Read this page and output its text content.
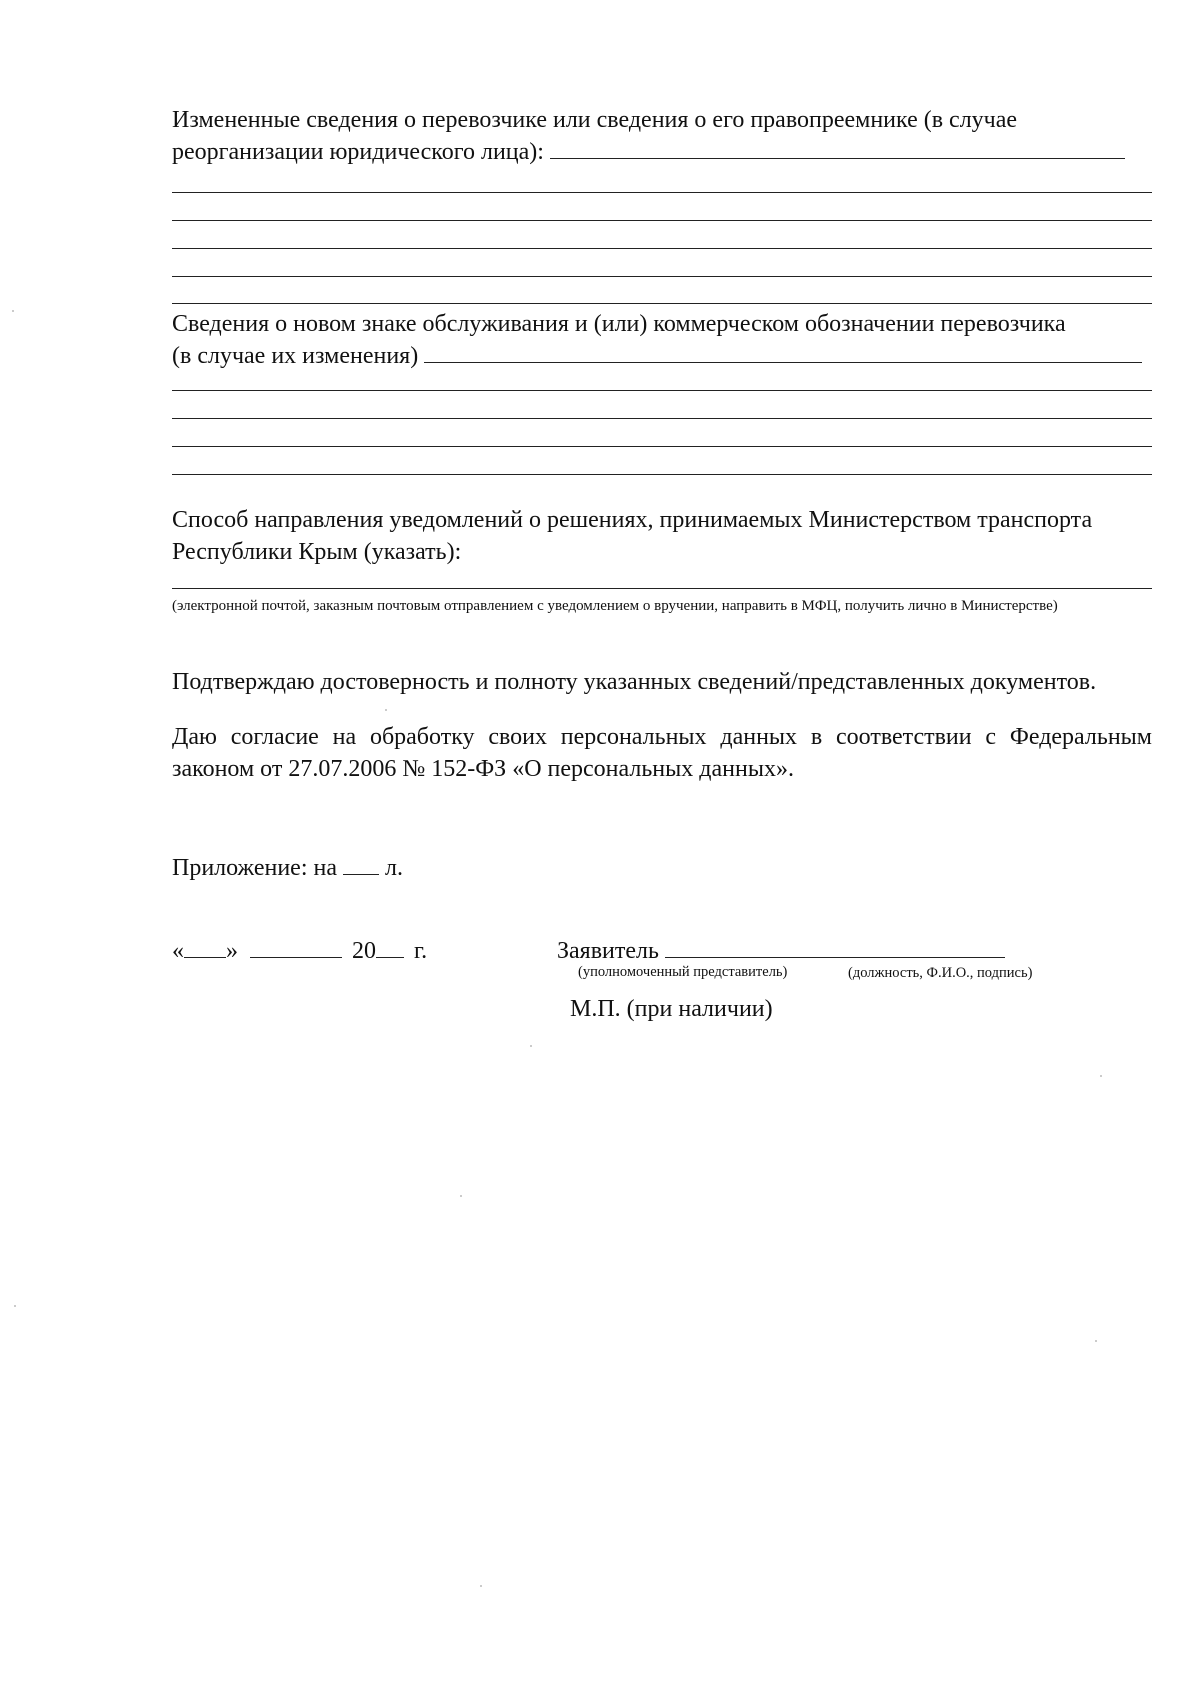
Измененные сведения о перевозчике или сведения о его правопреемнике (в случае
реорганизации юридического лица):
Сведения о новом знаке обслуживания и (или) коммерческом обозначении перевозчика
(в случае их изменения)
Способ направления уведомлений о решениях, принимаемых Министерством транспорта
Республики Крым (указать):
(электронной почтой, заказным почтовым отправлением с уведомлением о вручении, направить в МФЦ, получить лично в Министерстве)
Подтверждаю достоверность и полноту указанных сведений/представленных документов.
Даю согласие на обработку своих персональных данных в соответствии с Федеральным законом от 27.07.2006 № 152-ФЗ «О персональных данных».
Приложение: на л.
« »	20 г.	Заявитель
(уполномоченный представитель)	(должность, Ф.И.О., подпись)
М.П. (при наличии)
